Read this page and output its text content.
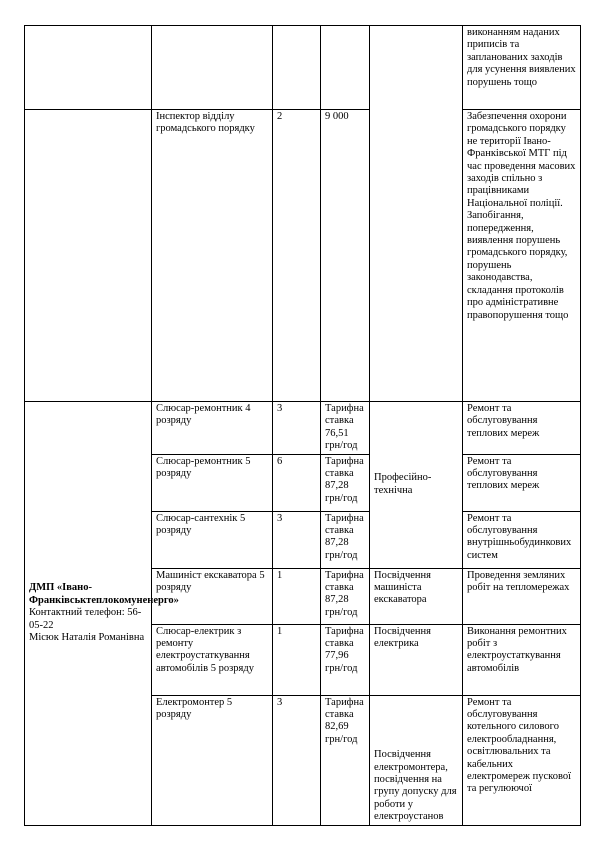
					виконанням наданих приписів та запланованих заходів для усунення виявлених порушень тощо
	Інспектор відділу громадського порядку	2	9 000		Забезпечення охорони громадського порядку не території Івано-Франківської МТГ під час проведення масових заходів спільно з працівниками Національної поліції. Запобігання, попередження, виявлення порушень громадського порядку, порушень законодавства, складання протоколів про адміністративне правопорушення тощо

ДМП «Івано-Франківськтеплокомуненерго»
Контактний телефон: 56-05-22
Місюк Наталія Романівна	Слюсар-ремонтник 4 розряду	3	Тарифна ставка 76,51 грн/год	Професійно-технічна	Ремонт та обслуговування теплових мереж
	Слюсар-ремонтник 5 розряду	6	Тарифна ставка 87,28 грн/год		Ремонт та обслуговування теплових мереж
	Слюсар-сантехнік 5 розряду	3	Тарифна ставка 87,28 грн/год		Ремонт та обслуговування внутрішньобудинкових систем
	Машиніст екскаватора 5 розряду	1	Тарифна ставка 87,28 грн/год	Посвідчення машиніста екскаватора	Проведення земляних робіт на тепломережах
	Слюсар-електрик з ремонту електроустаткування автомобілів 5 розряду	1	Тарифна ставка 77,96 грн/год	Посвідчення електрика	Виконання ремонтних робіт з електроустаткування автомобілів
	Електромонтер 5 розряду	3	Тарифна ставка 82,69 грн/год	Посвідчення електромонтера, посвідчення на групу допуску для роботи у електроустанов	Ремонт та обслуговування котельного силового електрообладнання, освітлювальних та кабельних електромереж пускової та регулюючої
